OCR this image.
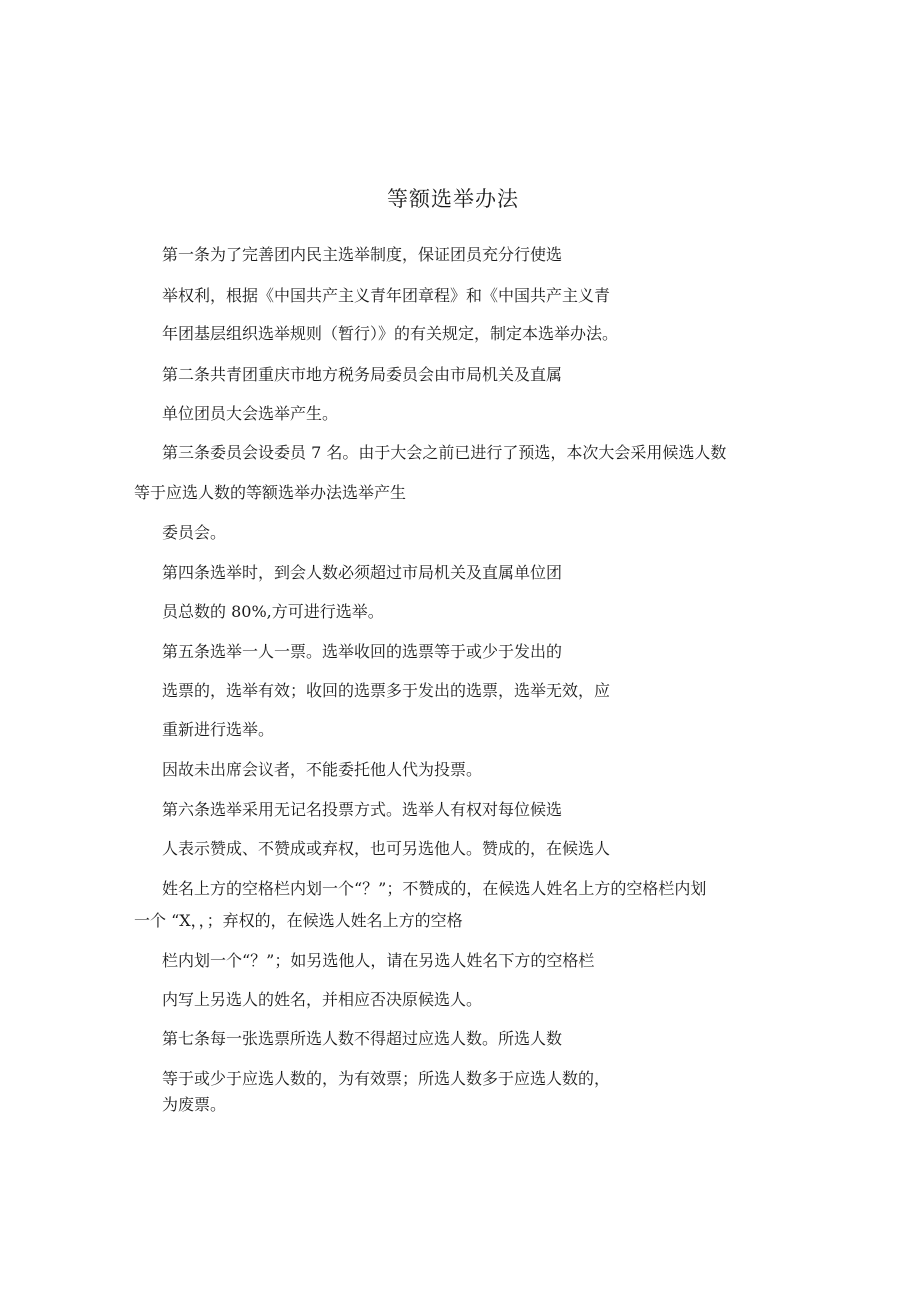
等额选举办法

第一条为了完善团内民主选举制度，保证团员充分行使选

举权利，根据《中国共产主义青年团章程》和《中国共产主义青

年团基层组织选举规则（暂行）》的有关规定，制定本选举办法。

第二条共青团重庆市地方税务局委员会由市局机关及直属

单位团员大会选举产生。

第三条委员会设委员 7 名。由于大会之前已进行了预选，本次大会采用候选人数

等于应选人数的等额选举办法选举产生

委员会。

第四条选举时，到会人数必须超过市局机关及直属单位团

员总数的 80%,方可进行选举。

第五条选举一人一票。选举收回的选票等于或少于发出的

选票的，选举有效；收回的选票多于发出的选票，选举无效，应

重新进行选举。

因故未出席会议者，不能委托他人代为投票。

第六条选举采用无记名投票方式。选举人有权对每位候选

人表示赞成、不赞成或弃权，也可另选他人。赞成的，在候选人

姓名上方的空格栏内划一个“？”；不赞成的，在候选人姓名上方的空格栏内划

一个 “X，，；弃权的，在候选人姓名上方的空格

栏内划一个“？”；如另选他人，请在另选人姓名下方的空格栏

内写上另选人的姓名，并相应否决原候选人。

第七条每一张选票所选人数不得超过应选人数。所选人数

等于或少于应选人数的，为有效票；所选人数多于应选人数的，

为废票。
